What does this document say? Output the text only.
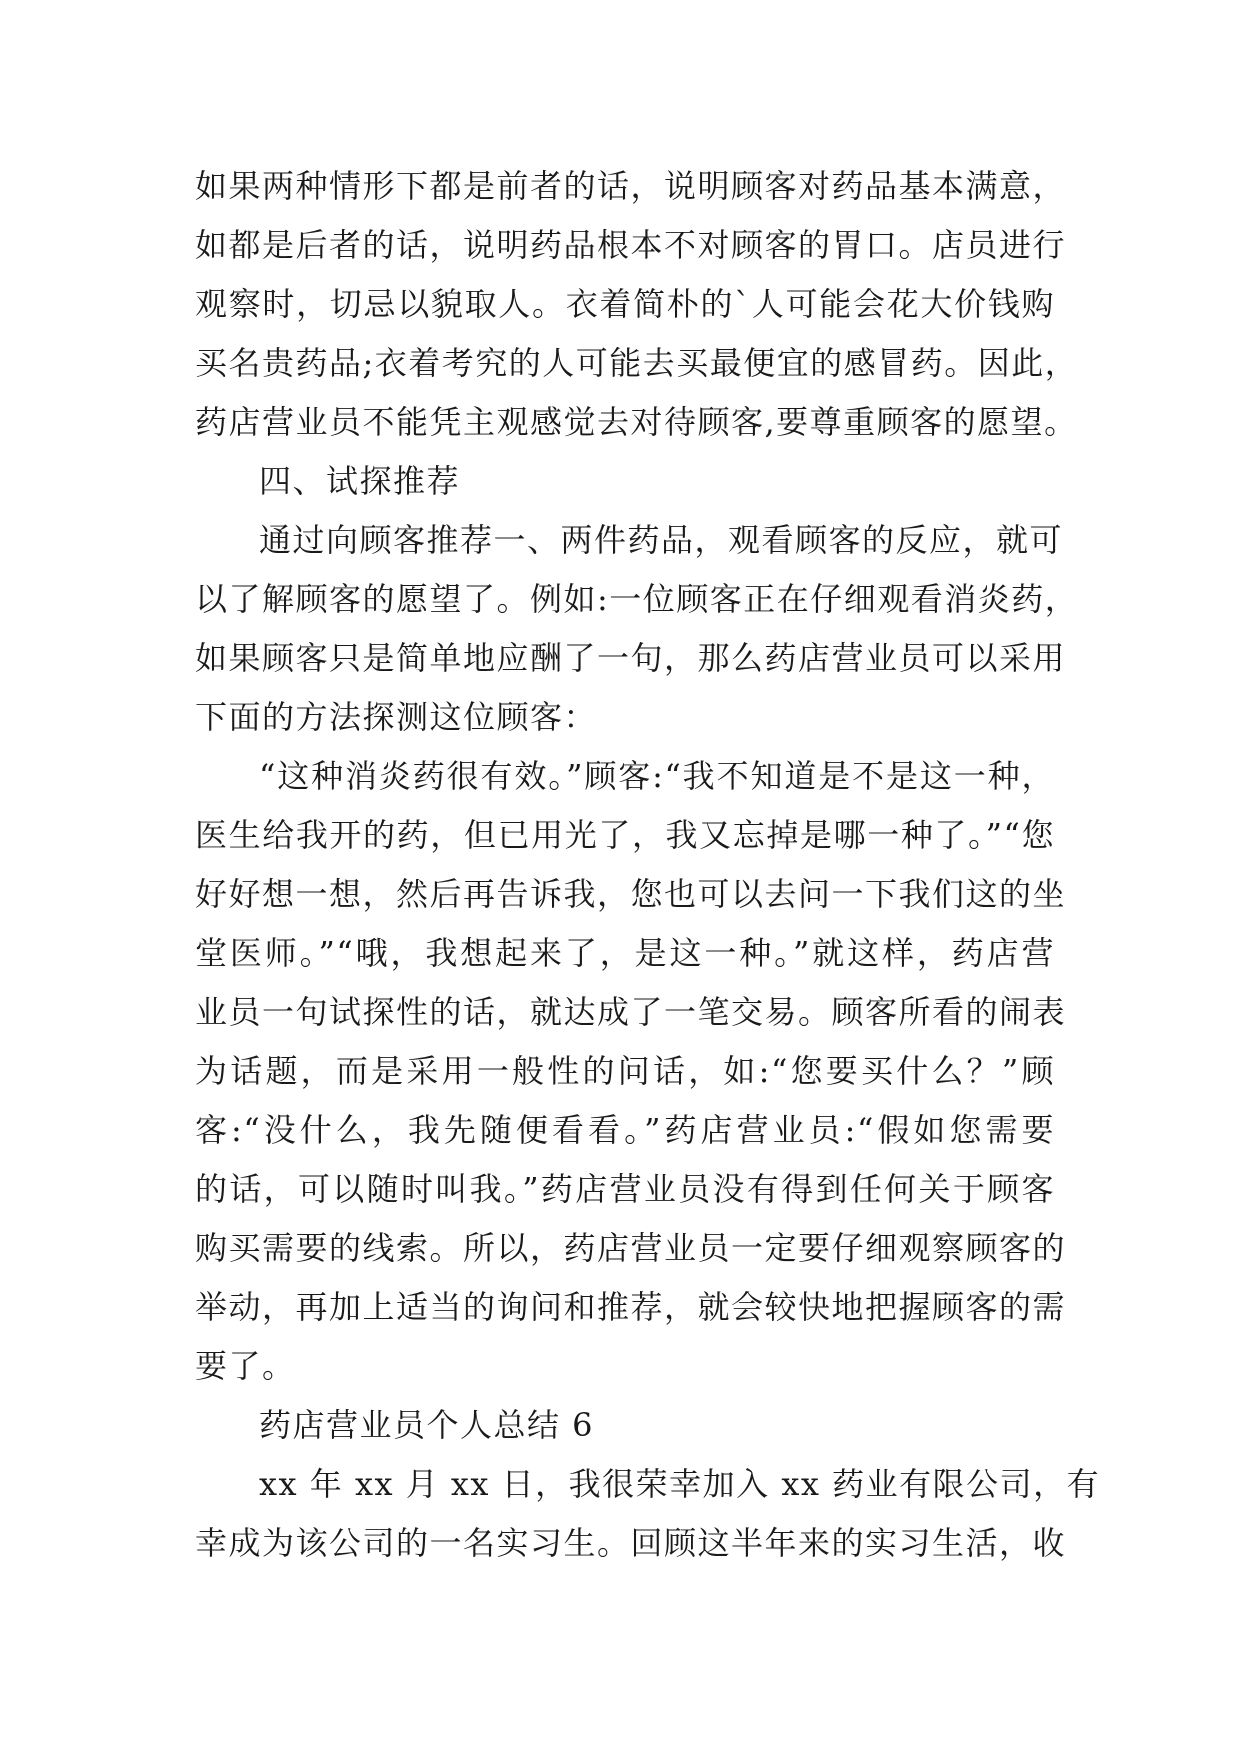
如果两种情形下都是前者的话，说明顾客对药品基本满意，
如都是后者的话，说明药品根本不对顾客的胃口。店员进行
观察时，切忌以貌取人。衣着简朴的`人可能会花大价钱购
买名贵药品;衣着考究的人可能去买最便宜的感冒药。因此，
药店营业员不能凭主观感觉去对待顾客,要尊重顾客的愿望。
四、试探推荐
通过向顾客推荐一、两件药品，观看顾客的反应，就可
以了解顾客的愿望了。例如:一位顾客正在仔细观看消炎药，
如果顾客只是简单地应酬了一句，那么药店营业员可以采用
下面的方法探测这位顾客：
“这种消炎药很有效。”顾客:“我不知道是不是这一种，
医生给我开的药，但已用光了，我又忘掉是哪一种了。”“您
好好想一想，然后再告诉我，您也可以去问一下我们这的坐
堂医师。”“哦，我想起来了，是这一种。”就这样，药店营
业员一句试探性的话，就达成了一笔交易。顾客所看的闹表
为话题，而是采用一般性的问话，如:“您要买什么？”顾
客:“没什么，我先随便看看。”药店营业员:“假如您需要
的话，可以随时叫我。”药店营业员没有得到任何关于顾客
购买需要的线索。所以，药店营业员一定要仔细观察顾客的
举动，再加上适当的询问和推荐，就会较快地把握顾客的需
要了。
药店营业员个人总结 6
xx 年 xx 月 xx 日，我很荣幸加入 xx 药业有限公司，有
幸成为该公司的一名实习生。回顾这半年来的实习生活，收
